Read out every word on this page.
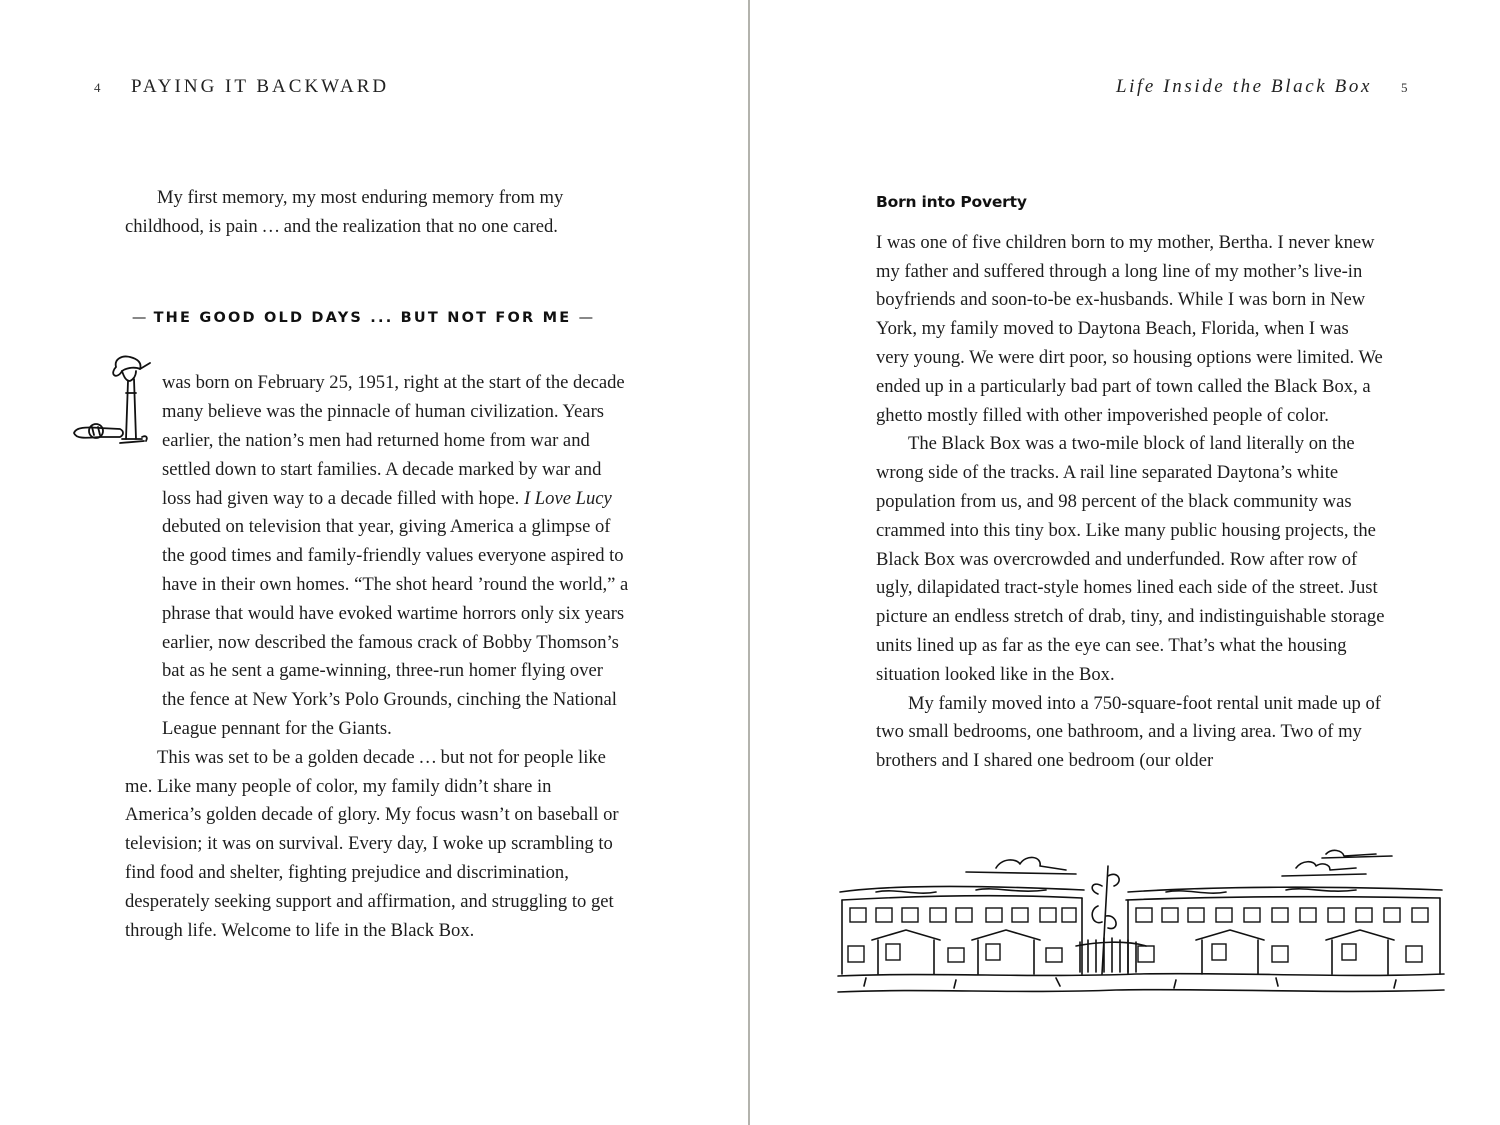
4 PAYING IT BACKWARD

My first memory, my most enduring memory from my childhood, is pain … and the realization that no one cared.

— THE GOOD OLD DAYS ... BUT NOT FOR ME —

was born on February 25, 1951, right at the start of the decade many believe was the pinnacle of human civilization. Years earlier, the nation’s men had returned home from war and settled down to start families. A decade marked by war and loss had given way to a decade filled with hope. I Love Lucy debuted on television that year, giving America a glimpse of the good times and family-friendly values everyone aspired to have in their own homes. “The shot heard ’round the world,” a phrase that would have evoked wartime horrors only six years earlier, now described the famous crack of Bobby Thomson’s bat as he sent a game-winning, three-run homer flying over the fence at New York’s Polo Grounds, cinching the National League pennant for the Giants.

This was set to be a golden decade … but not for people like me. Like many people of color, my family didn’t share in America’s golden decade of glory. My focus wasn’t on baseball or television; it was on survival. Every day, I woke up scrambling to find food and shelter, fighting prejudice and discrimination, desperately seeking support and affirmation, and struggling to get through life. Welcome to life in the Black Box.

Life Inside the Black Box 5
Born into Poverty

I was one of five children born to my mother, Bertha. I never knew my father and suffered through a long line of my mother’s live-in boyfriends and soon-to-be ex-husbands. While I was born in New York, my family moved to Daytona Beach, Florida, when I was very young. We were dirt poor, so housing options were limited. We ended up in a particularly bad part of town called the Black Box, a ghetto mostly filled with other impoverished people of color.

The Black Box was a two-mile block of land literally on the wrong side of the tracks. A rail line separated Daytona’s white population from us, and 98 percent of the black community was crammed into this tiny box. Like many public housing projects, the Black Box was overcrowded and underfunded. Row after row of ugly, dilapidated tract-style homes lined each side of the street. Just picture an endless stretch of drab, tiny, and indistinguishable storage units lined up as far as the eye can see. That’s what the housing situation looked like in the Box.

My family moved into a 750-square-foot rental unit made up of two small bedrooms, one bathroom, and a living area. Two of my brothers and I shared one bedroom (our older
